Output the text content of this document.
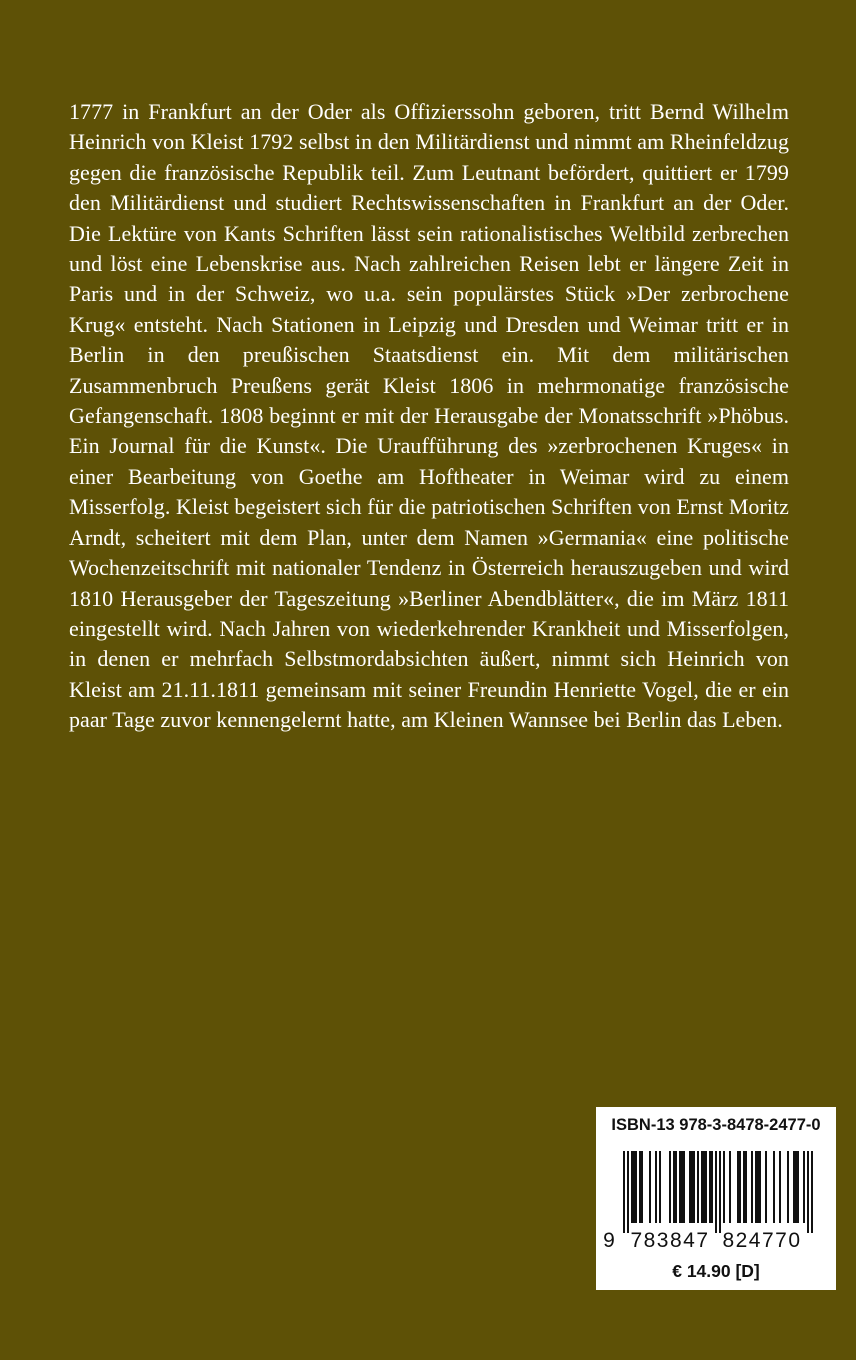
1777 in Frankfurt an der Oder als Offizierssohn geboren, tritt Bernd Wilhelm Heinrich von Kleist 1792 selbst in den Militärdienst und nimmt am Rheinfeldzug gegen die französische Republik teil. Zum Leutnant befördert, quittiert er 1799 den Militärdienst und studiert Rechtswissenschaften in Frankfurt an der Oder. Die Lektüre von Kants Schriften lässt sein rationalistisches Weltbild zerbrechen und löst eine Lebenskrise aus. Nach zahlreichen Reisen lebt er längere Zeit in Paris und in der Schweiz, wo u.a. sein populärstes Stück »Der zerbrochene Krug« entsteht. Nach Stationen in Leipzig und Dresden und Weimar tritt er in Berlin in den preußischen Staatsdienst ein. Mit dem militärischen Zusammenbruch Preußens gerät Kleist 1806 in mehrmonatige französische Gefangenschaft. 1808 beginnt er mit der Herausgabe der Monatsschrift »Phöbus. Ein Journal für die Kunst«. Die Uraufführung des »zerbrochenen Kruges« in einer Bearbeitung von Goethe am Hoftheater in Weimar wird zu einem Misserfolg. Kleist begeistert sich für die patriotischen Schriften von Ernst Moritz Arndt, scheitert mit dem Plan, unter dem Namen »Germania« eine politische Wochenzeitschrift mit nationaler Tendenz in Österreich herauszugeben und wird 1810 Herausgeber der Tageszeitung »Berliner Abendblätter«, die im März 1811 eingestellt wird. Nach Jahren von wiederkehrender Krankheit und Misserfolgen, in denen er mehrfach Selbstmordabsichten äußert, nimmt sich Heinrich von Kleist am 21.11.1811 gemeinsam mit seiner Freundin Henriette Vogel, die er ein paar Tage zuvor kennengelernt hatte, am Kleinen Wannsee bei Berlin das Leben.

ISBN-13 978-3-8478-2477-0
9 783847 824770
€ 14.90 [D]
